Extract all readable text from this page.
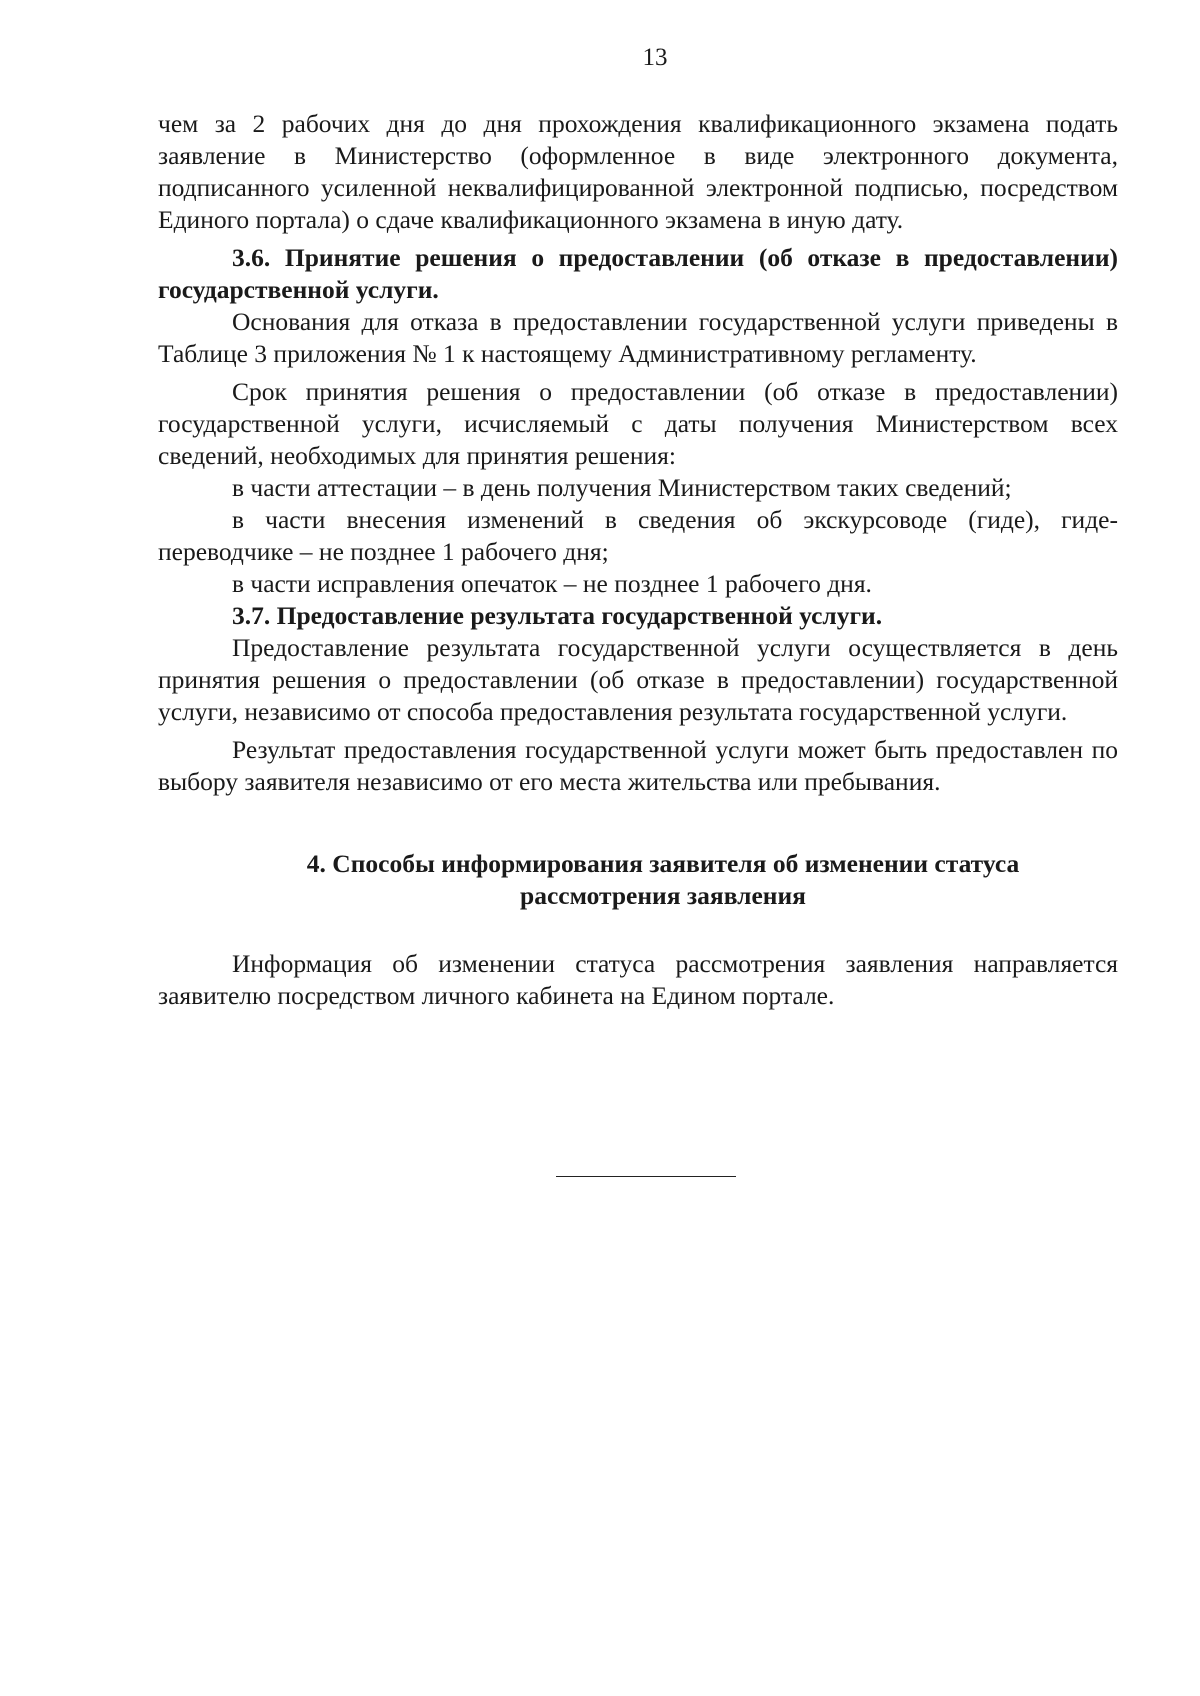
13

чем за 2 рабочих дня до дня прохождения квалификационного экзамена подать заявление в Министерство (оформленное в виде электронного документа, подписанного усиленной неквалифицированной электронной подписью, посредством Единого портала) о сдаче квалификационного экзамена в иную дату.

3.6. Принятие решения о предоставлении (об отказе в предоставлении) государственной услуги.

Основания для отказа в предоставлении государственной услуги приведены в Таблице 3 приложения № 1 к настоящему Административному регламенту.

Срок принятия решения о предоставлении (об отказе в предоставлении) государственной услуги, исчисляемый с даты получения Министерством всех сведений, необходимых для принятия решения:

в части аттестации – в день получения Министерством таких сведений;

в части внесения изменений в сведения об экскурсоводе (гиде), гиде-переводчике – не позднее 1 рабочего дня;

в части исправления опечаток – не позднее 1 рабочего дня.

3.7. Предоставление результата государственной услуги.

Предоставление результата государственной услуги осуществляется в день принятия решения о предоставлении (об отказе в предоставлении) государственной услуги, независимо от способа предоставления результата государственной услуги.

Результат предоставления государственной услуги может быть предоставлен по выбору заявителя независимо от его места жительства или пребывания.

4. Способы информирования заявителя об изменении статуса рассмотрения заявления

Информация об изменении статуса рассмотрения заявления направляется заявителю посредством личного кабинета на Едином портале.
